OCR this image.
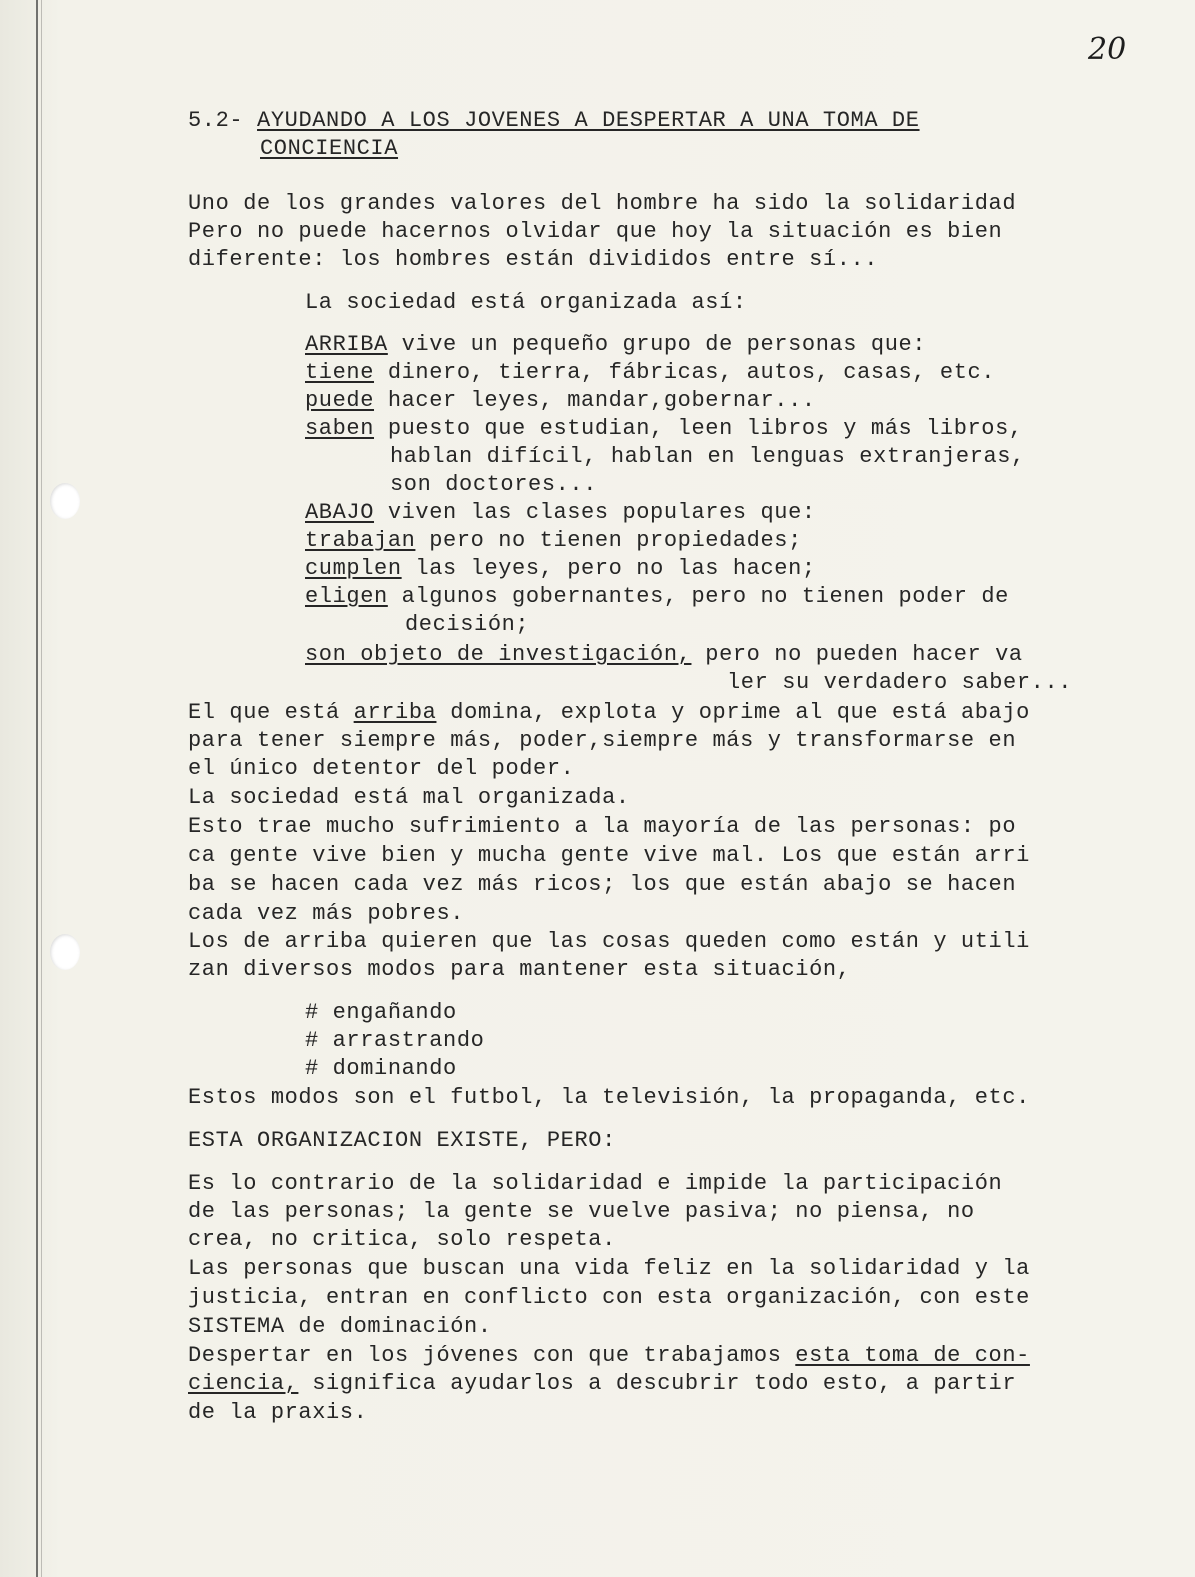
20
5.2- AYUDANDO A LOS JOVENES A DESPERTAR A UNA TOMA DE
CONCIENCIA
Uno de los grandes valores del hombre ha sido la solidaridad
Pero no puede hacernos olvidar que hoy la situación es bien
diferente: los hombres están divididos entre sí...
La sociedad está organizada así:
ARRIBA vive un pequeño grupo de personas que:
tiene dinero, tierra, fábricas, autos, casas, etc.
puede hacer leyes, mandar,gobernar...
saben puesto que estudian, leen libros y más libros,
hablan difícil, hablan en lenguas extranjeras,
son doctores...
ABAJO viven las clases populares que:
trabajan pero no tienen propiedades;
cumplen las leyes, pero no las hacen;
eligen algunos gobernantes, pero no tienen poder de
decisión;
son objeto de investigación, pero no pueden hacer va
ler su verdadero saber...
El que está arriba domina, explota y oprime al que está abajo
para tener siempre más, poder,siempre más y transformarse en
el único detentor del poder.
La sociedad está mal organizada.
Esto trae mucho sufrimiento a la mayoría de las personas: po
ca gente vive bien y mucha gente vive mal. Los que están arri
ba se hacen cada vez más ricos; los que están abajo se hacen
cada vez más pobres.
Los de arriba quieren que las cosas queden como están y utili
zan diversos modos para mantener esta situación,
# engañando
# arrastrando
# dominando
Estos modos son el futbol, la televisión, la propaganda, etc.
ESTA ORGANIZACION EXISTE, PERO:
Es lo contrario de la solidaridad e impide la participación
de las personas; la gente se vuelve pasiva; no piensa, no
crea, no critica, solo respeta.
Las personas que buscan una vida feliz en la solidaridad y la
justicia, entran en conflicto con esta organización, con este
SISTEMA de dominación.
Despertar en los jóvenes con que trabajamos esta toma de con-
ciencia, significa ayudarlos a descubrir todo esto, a partir
de la praxis.
